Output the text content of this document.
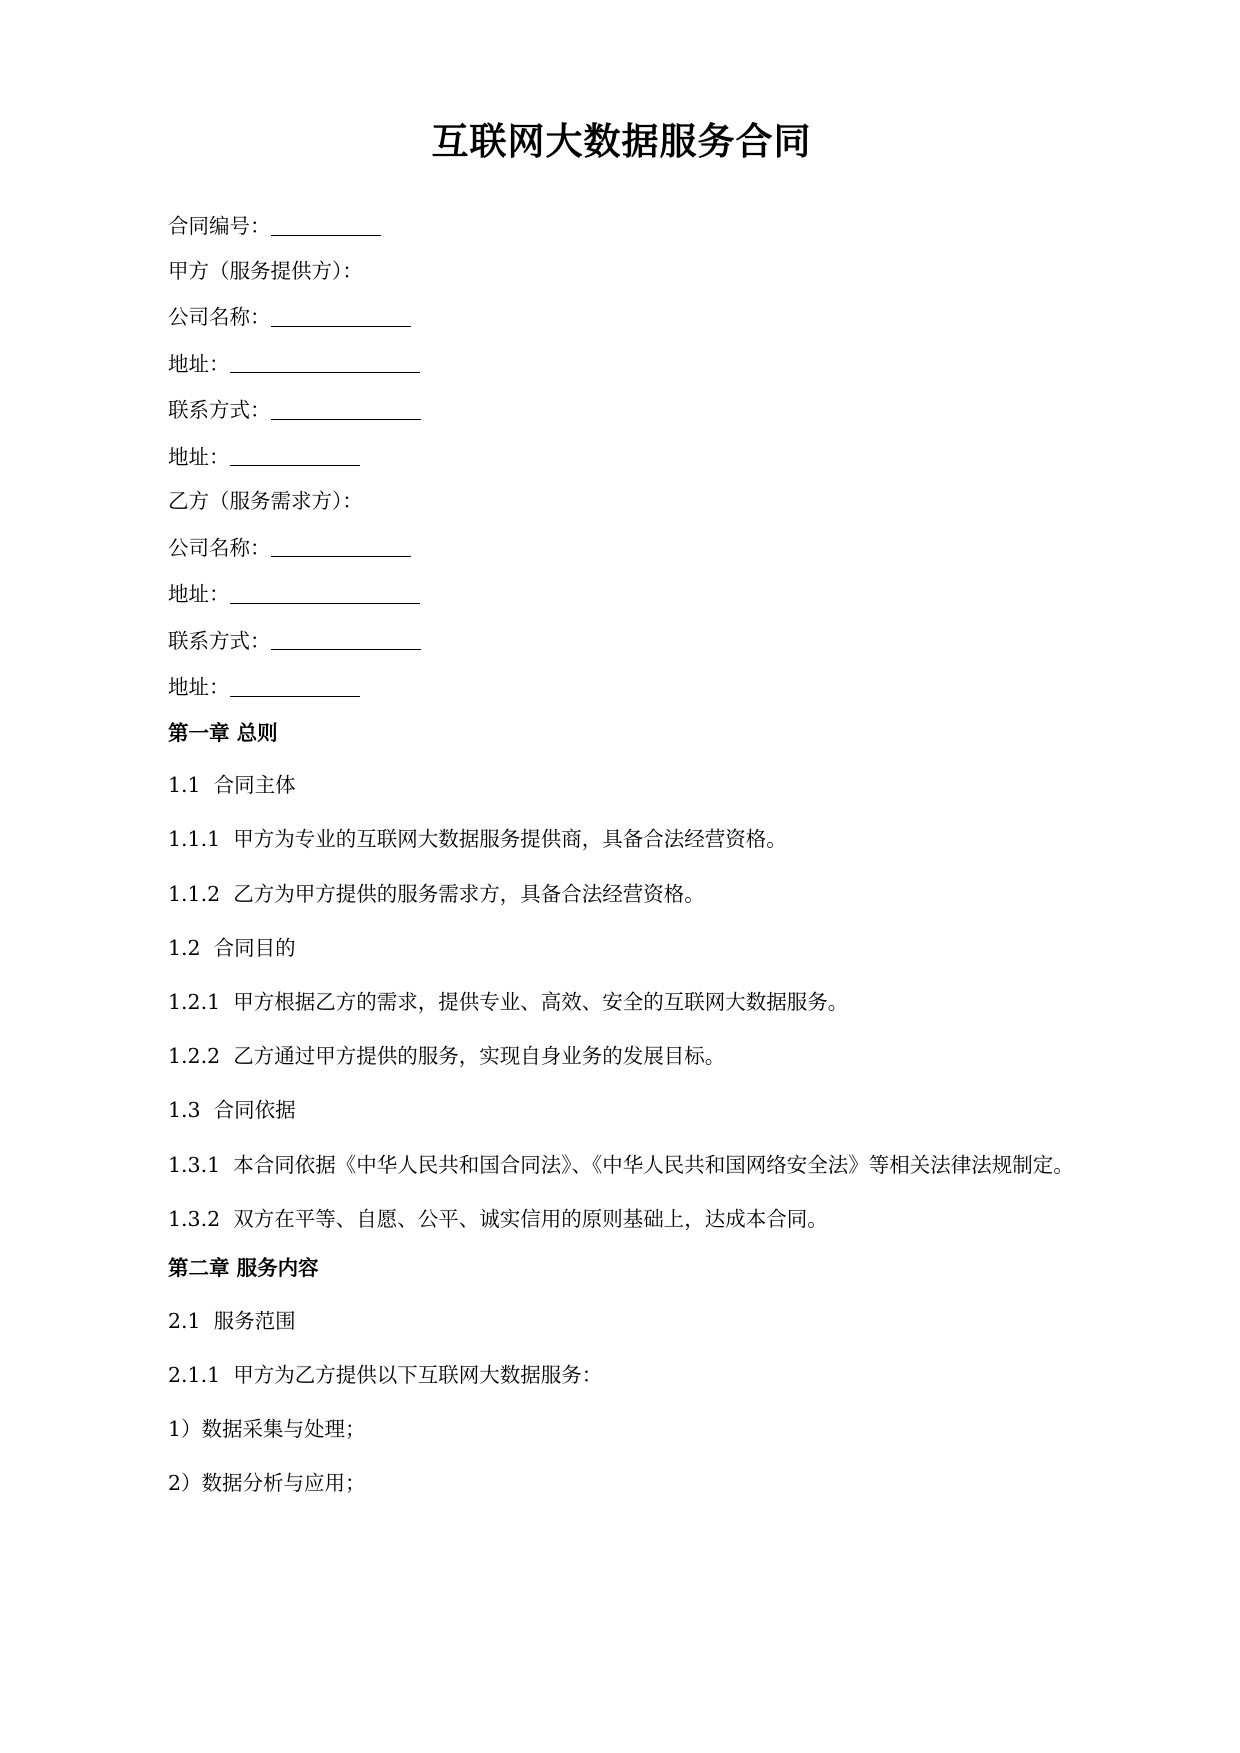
互联网大数据服务合同
合同编号：
甲方（服务提供方）：
公司名称：
地址：
联系方式：
地址：
乙方（服务需求方）：
公司名称：
地址：
联系方式：
地址：
第一章 总则
1.1  合同主体
1.1.1  甲方为专业的互联网大数据服务提供商，具备合法经营资格。
1.1.2  乙方为甲方提供的服务需求方，具备合法经营资格。
1.2  合同目的
1.2.1  甲方根据乙方的需求，提供专业、高效、安全的互联网大数据服务。
1.2.2  乙方通过甲方提供的服务，实现自身业务的发展目标。
1.3  合同依据
1.3.1  本合同依据《中华人民共和国合同法》、《中华人民共和国网络安全法》等相关法律法规制定。
1.3.2  双方在平等、自愿、公平、诚实信用的原则基础上，达成本合同。
第二章 服务内容
2.1  服务范围
2.1.1  甲方为乙方提供以下互联网大数据服务：
1）数据采集与处理；
2）数据分析与应用；
